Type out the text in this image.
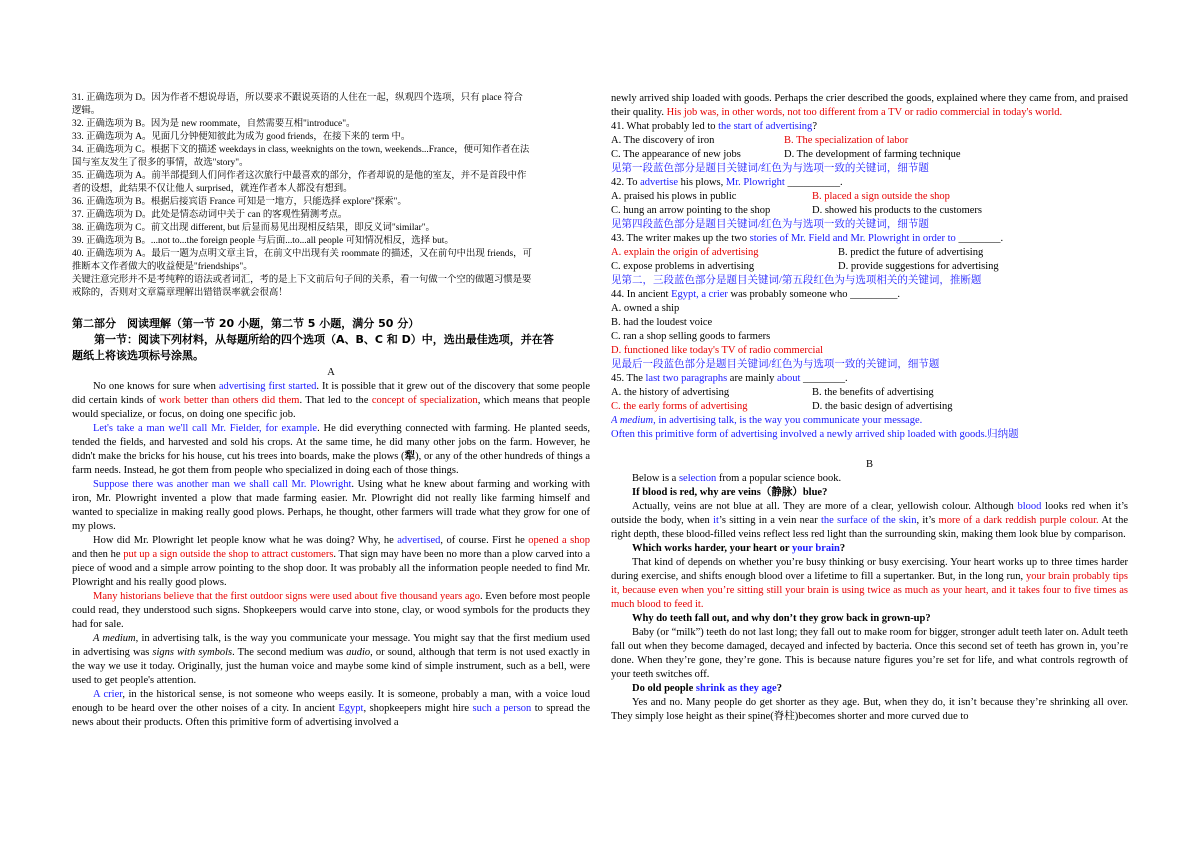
31. 正确选项为 D。因为作者不想说母语，所以要求不跟说英语的人住在一起，纵观四个选项，只有 place 符合
逻辑。
32. 正确选项为 B。因为是 new roommate，自然需要互相"introduce"。
33. 正确选项为 A。见面几分钟便知彼此为成为 good friends，在接下来的 term 中。
34. 正确选项为 C。根据下文的描述 weekdays in class, weeknights on the town, weekends...France，便可知作者在法
国与室友发生了很多的事情，故选"story"。
35. 正确选项为 A。前半部提到人们问作者这次旅行中最喜欢的部分，作者却说的是他的室友，并不是首段中作
者的设想，此结果不仅让他人 surprised，就连作者本人都没有想到。
36. 正确选项为 B。根据后接宾语 France 可知是一地方，只能选择 explore"探索"。
37. 正确选项为 D。此处是情态动词中关于 can 的客观性猜测考点。
38. 正确选项为 C。前文出现 different, but 后显而易见出现相反结果，即反义词"similar"。
39. 正确选项为 B。...not to...the foreign people 与后面...to...all people 可知情况相反，选择 but。
40. 正确选项为 A。最后一题为点明文章主旨，在前文中出现有关 roommate 的描述，又在前句中出现 friends，可
推断本文作者做大的收益便是"friendships"。
关键注意完形并不是考纯粹的语法或者词汇，考的是上下文前后句子间的关系，看一句做一个空的做题习惯是要
戒除的，否则对文章篇章理解出错错误率就会很高！
第二部分　阅读理解（第一节 20 小题，第二节 5 小题，满分 50 分）
第一节：阅读下列材料，从每题所给的四个选项（A、B、C 和 D）中，选出最佳选项，并在答
题纸上将该选项标号涂黑。
A

No one knows for sure when advertising first started. It is possible that it grew out of the discovery that some people did certain kinds of work better than others did them. That led to the concept of specialization, which means that people would specialize, or focus, on doing one specific job.

Let's take a man we'll call Mr. Fielder, for example. He did everything connected with farming. He planted seeds, tended the fields, and harvested and sold his crops. At the same time, he did many other jobs on the farm. However, he didn't make the bricks for his house, cut his trees into boards, make the plows (犁), or any of the other hundreds of things a farm needs. Instead, he got them from people who specialized in doing each of those things.

Suppose there was another man we shall call Mr. Plowright. Using what he knew about farming and working with iron, Mr. Plowright invented a plow that made farming easier. Mr. Plowright did not really like farming himself and wanted to specialize in making really good plows. Perhaps, he thought, other farmers will trade what they grow for one of my plows.

How did Mr. Plowright let people know what he was doing? Why, he advertised, of course. First he opened a shop and then he put up a sign outside the shop to attract customers. That sign may have been no more than a plow carved into a piece of wood and a simple arrow pointing to the shop door. It was probably all the information people needed to find Mr. Plowright and his really good plows.

Many historians believe that the first outdoor signs were used about five thousand years ago. Even before most people could read, they understood such signs. Shopkeepers would carve into stone, clay, or wood symbols for the products they had for sale.

A medium, in advertising talk, is the way you communicate your message. You might say that the first medium used in advertising was signs with symbols. The second medium was audio, or sound, although that term is not used exactly in the way we use it today. Originally, just the human voice and maybe some kind of simple instrument, such as a bell, were used to get people's attention.

A crier, in the historical sense, is not someone who weeps easily. It is someone, probably a man, with a voice loud enough to be heard over the other noises of a city. In ancient Egypt, shopkeepers might hire such a person to spread the news about their products. Often this primitive form of advertising involved a

newly arrived ship loaded with goods. Perhaps the crier described the goods, explained where they came from, and praised their quality. His job was, in other words, not too different from a TV or radio commercial in today's world.

41. What probably led to the start of advertising?
A. The discovery of iron	B. The specialization of labor
C. The appearance of new jobs	D. The development of farming technique
见第一段蓝色部分是题目关键词/红色为与选项一致的关键词，细节题
42. To advertise his plows, Mr. Plowright __________.
A. praised his plows in public	B. placed a sign outside the shop
C. hung an arrow pointing to the shop	D. showed his products to the customers
见第四段蓝色部分是题目关键词/红色为与选项一致的关键词，细节题
43. The writer makes up the two stories of Mr. Field and Mr. Plowright in order to ________.
A. explain the origin of advertising	B. predict the future of advertising
C. expose problems in advertising	D. provide suggestions for advertising
见第二，三段蓝色部分是题目关键词/第五段红色为与选项相关的关键词，推断题
44. In ancient Egypt, a crier was probably someone who _________.
A. owned a ship
B. had the loudest voice
C. ran a shop selling goods to farmers
D. functioned like today's TV of radio commercial
见最后一段蓝色部分是题目关键词/红色为与选项一致的关键词，细节题
45. The last two paragraphs are mainly about ________.
A. the history of advertising	B. the benefits of advertising
C. the early forms of advertising	D. the basic design of advertising
A medium, in advertising talk, is the way you communicate your message.
Often this primitive form of advertising involved a newly arrived ship loaded with goods.归纳题
B

Below is a selection from a popular science book.

If blood is red, why are veins（静脉）blue?

Actually, veins are not blue at all. They are more of a clear, yellowish colour. Although blood looks red when it’s outside the body, when it’s sitting in a vein near the surface of the skin, it’s more of a dark reddish purple colour. At the right depth, these blood-filled veins reflect less red light than the surrounding skin, making them look blue by comparison.

Which works harder, your heart or your brain?

That kind of depends on whether you’re busy thinking or busy exercising. Your heart works up to three times harder during exercise, and shifts enough blood over a lifetime to fill a supertanker. But, in the long run, your brain probably tips it, because even when you’re sitting still your brain is using twice as much as your heart, and it takes four to five times as much blood to feed it.

Why do teeth fall out, and why don’t they grow back in grown-up?

Baby (or “milk”) teeth do not last long; they fall out to make room for bigger, stronger adult teeth later on. Adult teeth fall out when they become damaged, decayed and infected by bacteria. Once this second set of teeth has grown in, you’re done. When they’re gone, they’re gone. This is because nature figures you’re set for life, and what controls regrowth of your teeth switches off.

Do old people shrink as they age?

Yes and no. Many people do get shorter as they age. But, when they do, it isn’t because they’re shrinking all over. They simply lose height as their spine(脊柱)becomes shorter and more curved due to
